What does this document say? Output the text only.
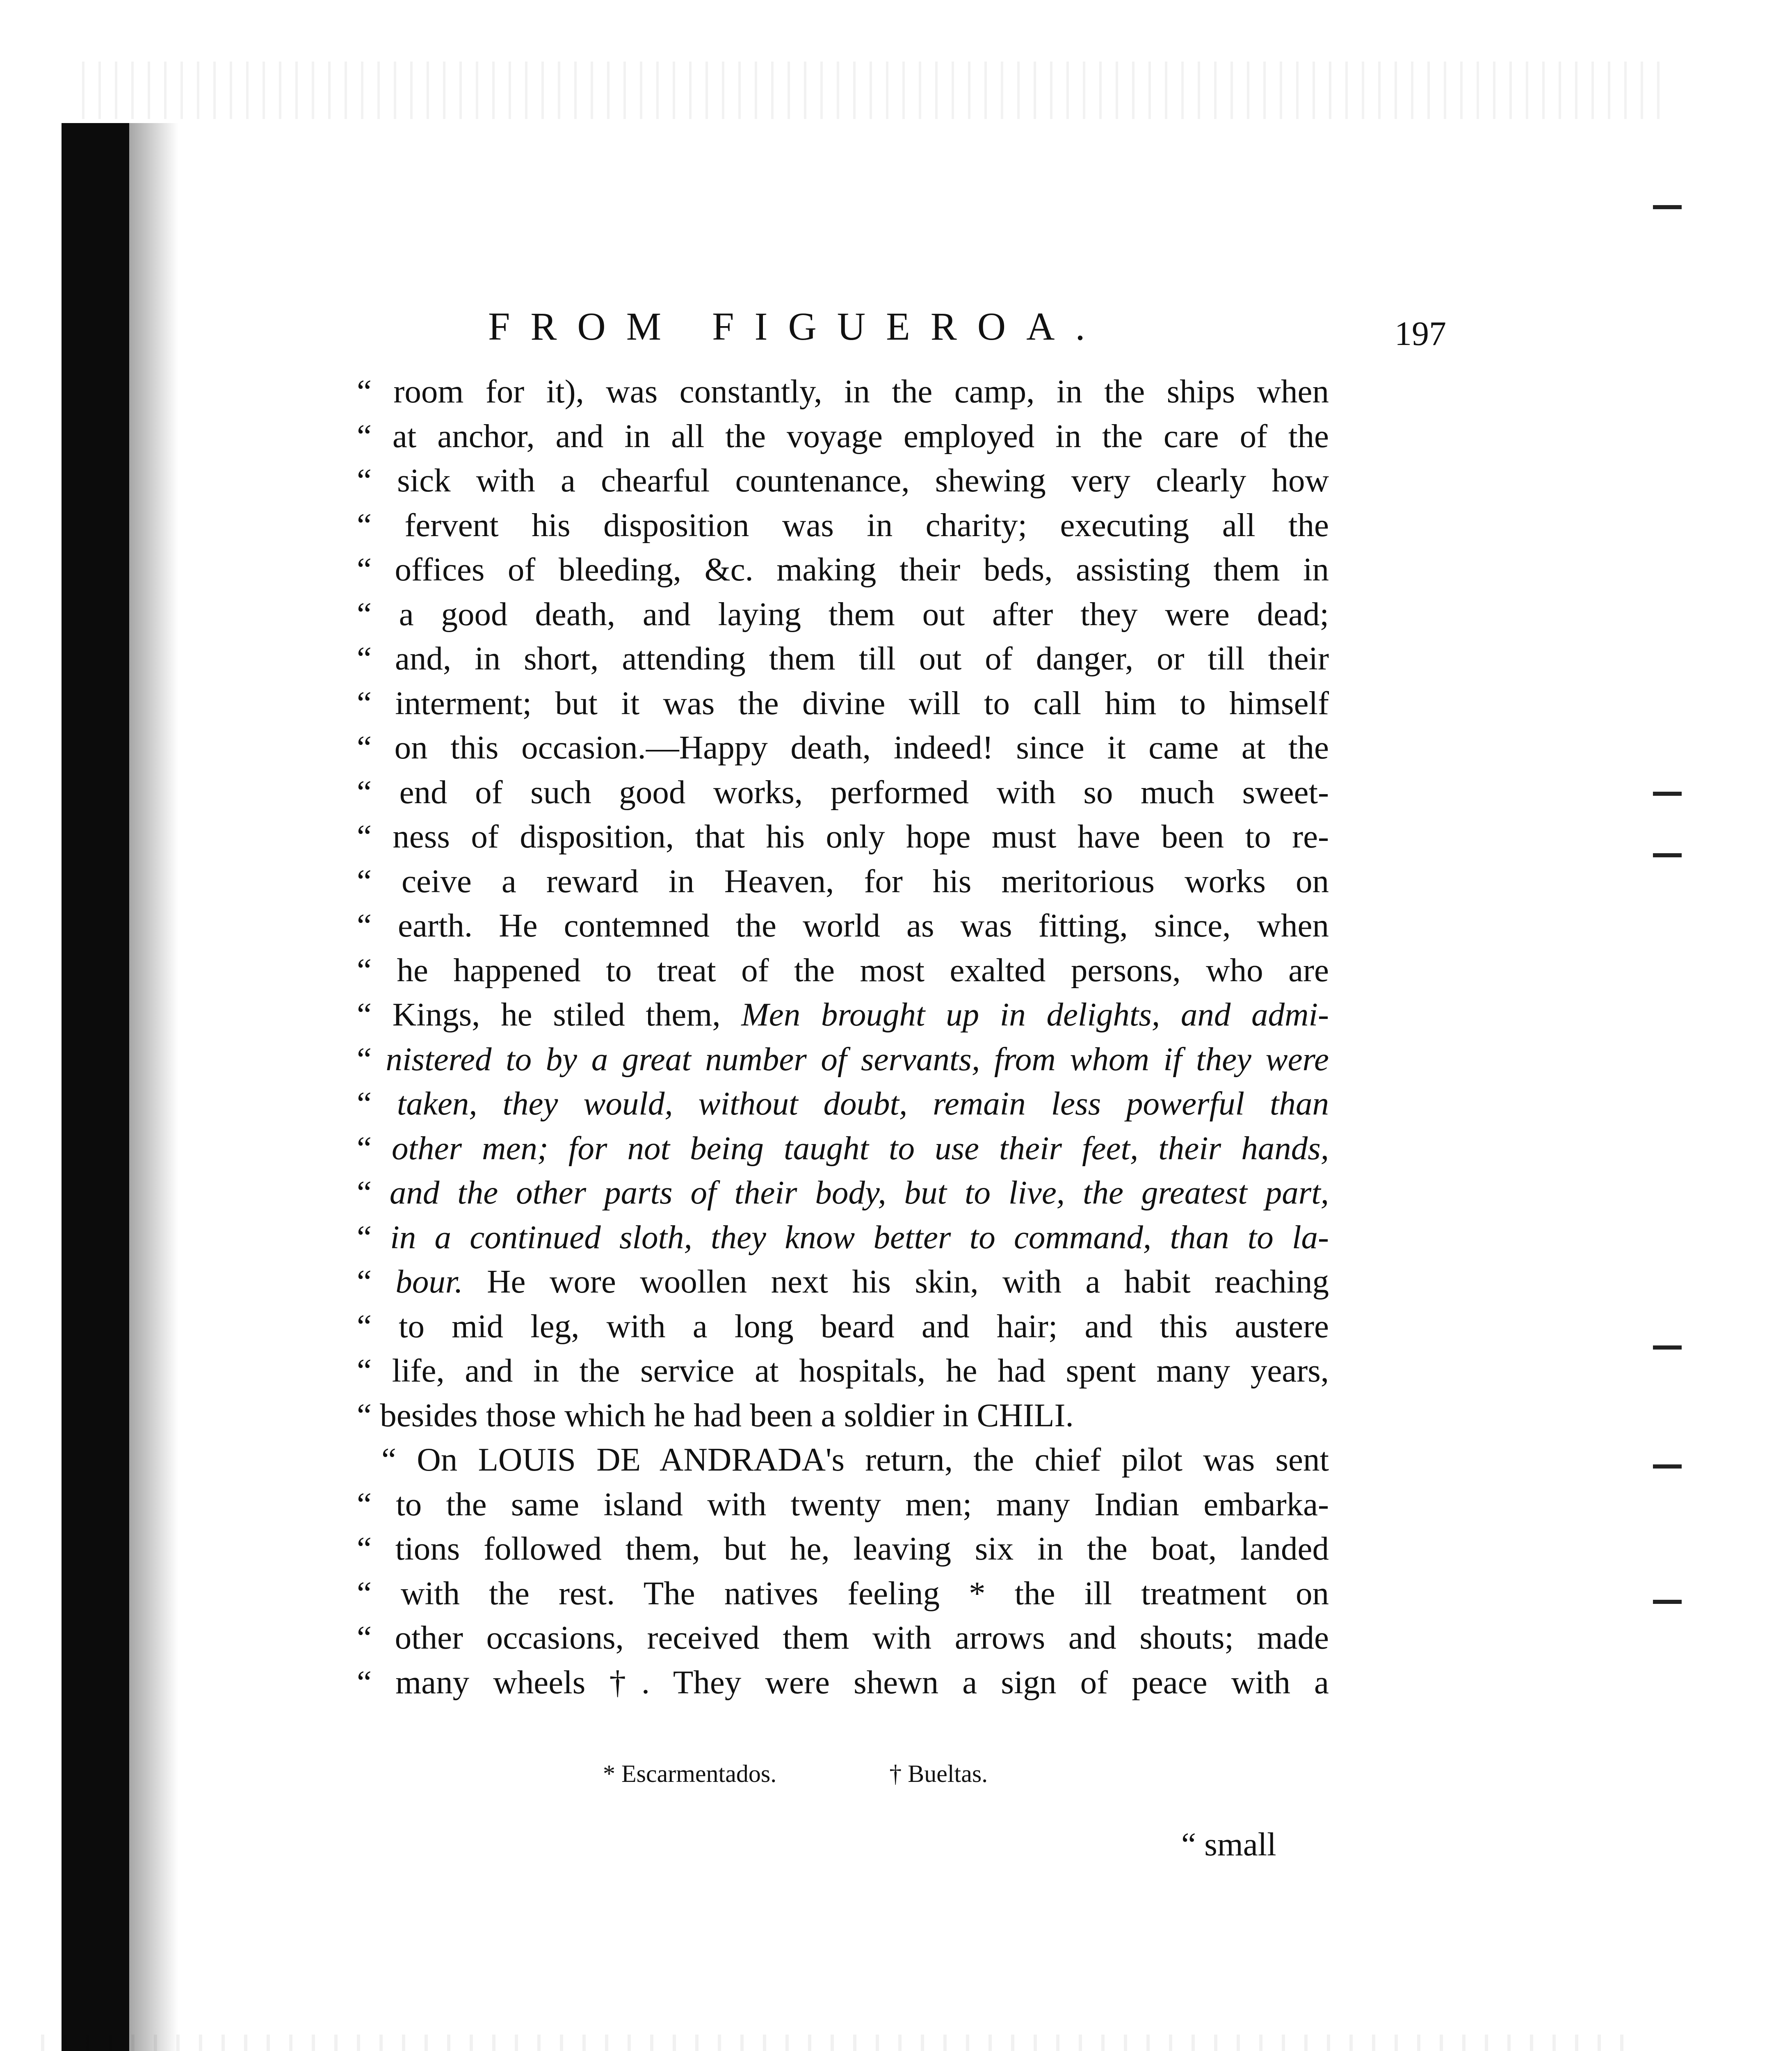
FROM FIGUEROA.	197
“ room for it), was constantly, in the camp, in the ships when
“ at anchor, and in all the voyage employed in the care of the
“ sick with a chearful countenance, shewing very clearly how
“ fervent his disposition was in charity; executing all the
“ offices of bleeding, &c. making their beds, assisting them in
“ a good death, and laying them out after they were dead;
“ and, in short, attending them till out of danger, or till their
“ interment; but it was the divine will to call him to himself
“ on this occasion.—Happy death, indeed! since it came at the
“ end of such good works, performed with so much sweet-
“ ness of disposition, that his only hope must have been to re-
“ ceive a reward in Heaven, for his meritorious works on
“ earth. He contemned the world as was fitting, since, when
“ he happened to treat of the most exalted persons, who are
“ Kings, he stiled them, Men brought up in delights, and admi-
“ nistered to by a great number of servants, from whom if they were
“ taken, they would, without doubt, remain less powerful than
“ other men; for not being taught to use their feet, their hands,
“ and the other parts of their body, but to live, the greatest part,
“ in a continued sloth, they know better to command, than to la-
“ bour. He wore woollen next his skin, with a habit reaching
“ to mid leg, with a long beard and hair; and this austere
“ life, and in the service at hospitals, he had spent many years,
“ besides those which he had been a soldier in CHILI.
“ On LOUIS DE ANDRADA's return, the chief pilot was sent
“ to the same island with twenty men; many Indian embarka-
“ tions followed them, but he, leaving six in the boat, landed
“ with the rest. The natives feeling * the ill treatment on
“ other occasions, received them with arrows and shouts; made
“ many wheels †. They were shewn a sign of peace with a
* Escarmentados.	† Bueltas.
“ small
